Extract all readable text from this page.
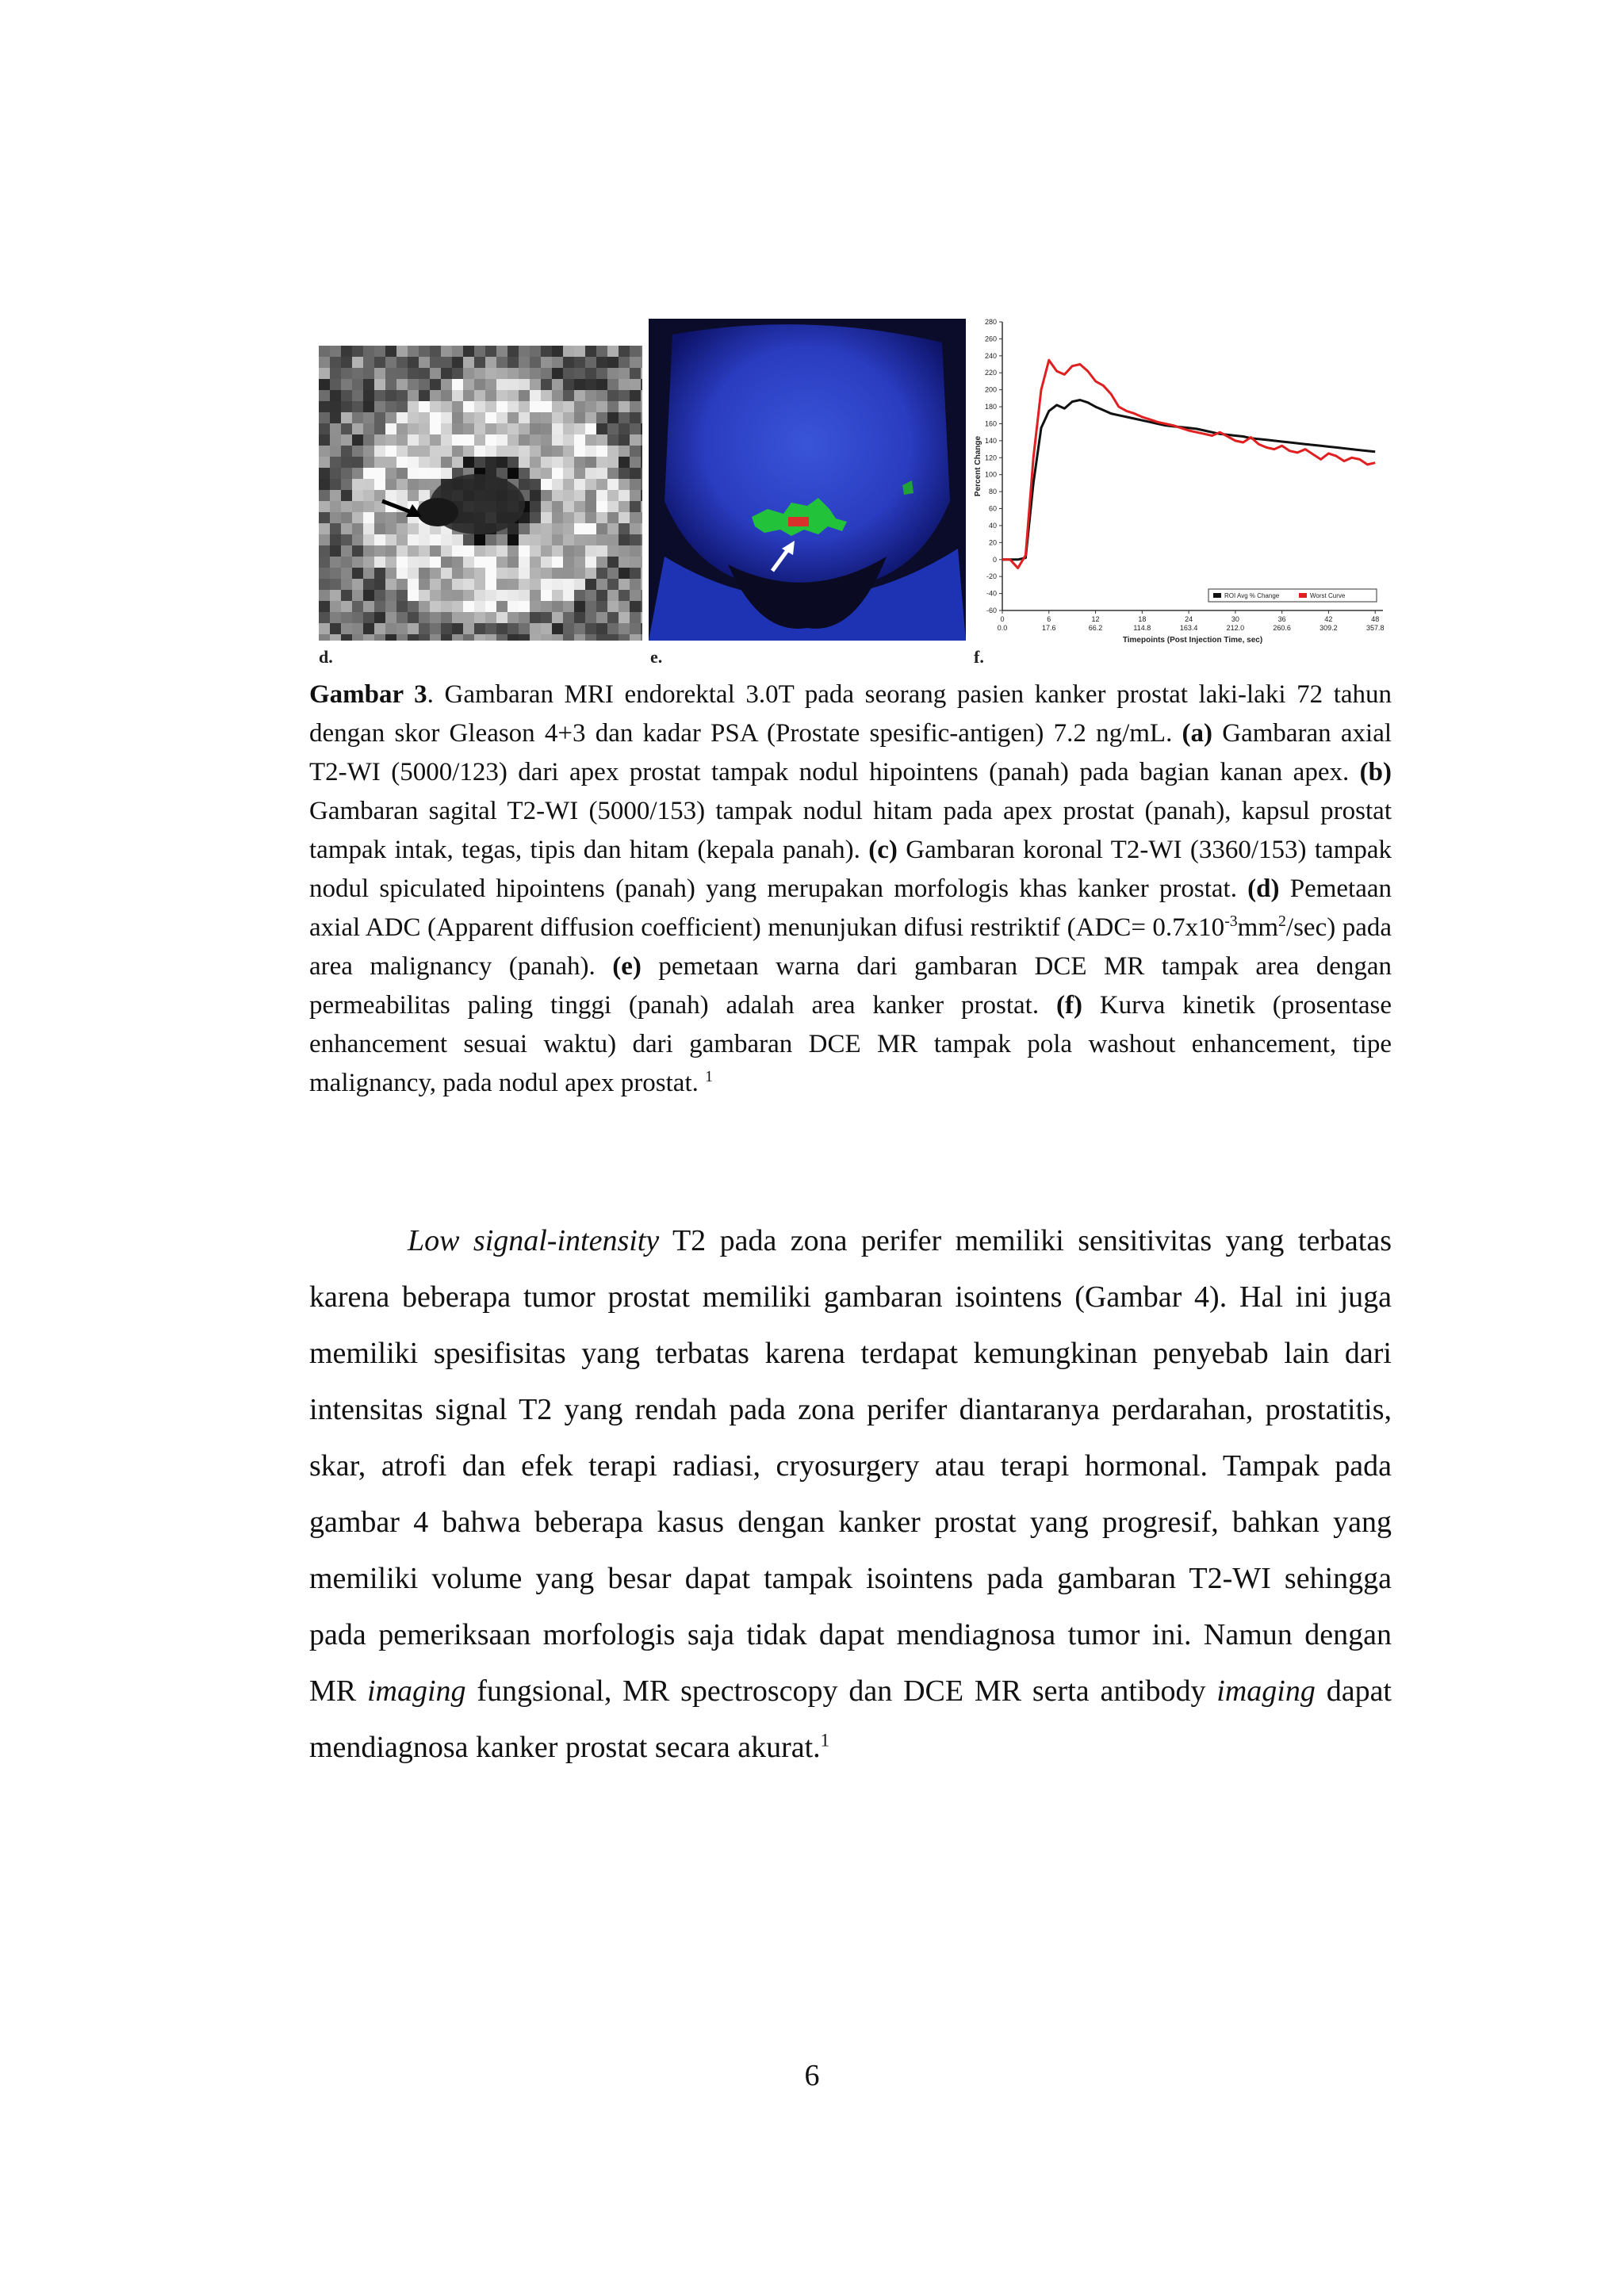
d.	e.
280
260
240
220
200
180
160
140
120
100
80
60
40
20
0
-20
-40
-60
0
0.0
6
17.6
12
66.2
18
114.8
24
163.4
30
212.0
36
260.6
42
309.2
48
357.8
Timepoints (Post Injection Time, sec)
Percent Change
ROI Avg % Change	Worst Curve
f.
Gambar 3. Gambaran MRI endorektal 3.0T pada seorang pasien kanker prostat laki-laki 72 tahun dengan skor Gleason 4+3 dan kadar PSA (Prostate spesific-antigen) 7.2 ng/mL. (a) Gambaran axial T2-WI (5000/123) dari apex prostat tampak nodul hipointens (panah) pada bagian kanan apex. (b) Gambaran sagital T2-WI (5000/153) tampak nodul hitam pada apex prostat (panah), kapsul prostat tampak intak, tegas, tipis dan hitam (kepala panah). (c) Gambaran koronal T2-WI (3360/153) tampak nodul spiculated hipointens (panah) yang merupakan morfologis khas kanker prostat. (d) Pemetaan axial ADC (Apparent diffusion coefficient) menunjukan difusi restriktif $(ADC= 0.7x10^{-3}mm^2/\sec)$ pada area malignancy (panah). (e) pemetaan warna dari gambaran DCE MR tampak area dengan permeabilitas paling tinggi (panah) adalah area kanker prostat. (f) Kurva kinetik (prosentase enhancement sesuai waktu) dari gambaran DCE MR tampak pola washout enhancement, tipe malignancy, pada nodul apex prostat. $^1$

Low signal-intensity T2 pada zona perifer memiliki sensitivitas yang terbatas karena beberapa tumor prostat memiliki gambaran isointens (Gambar 4). Hal ini juga memiliki spesifisitas yang terbatas karena terdapat kemungkinan penyebab lain dari intensitas signal T2 yang rendah pada zona perifer diantaranya perdarahan, prostatitis, skar, atrofi dan efek terapi radiasi, cryosurgery atau terapi hormonal. Tampak pada gambar 4 bahwa beberapa kasus dengan kanker prostat yang progresif, bahkan yang memiliki volume yang besar dapat tampak isointens pada gambaran T2-WI sehingga pada pemeriksaan morfologis saja tidak dapat mendiagnosa tumor ini. Namun dengan MR imaging fungsional, MR spectroscopy dan DCE MR serta antibody imaging dapat mendiagnosa kanker prostat secara akurat.$^1$

6
